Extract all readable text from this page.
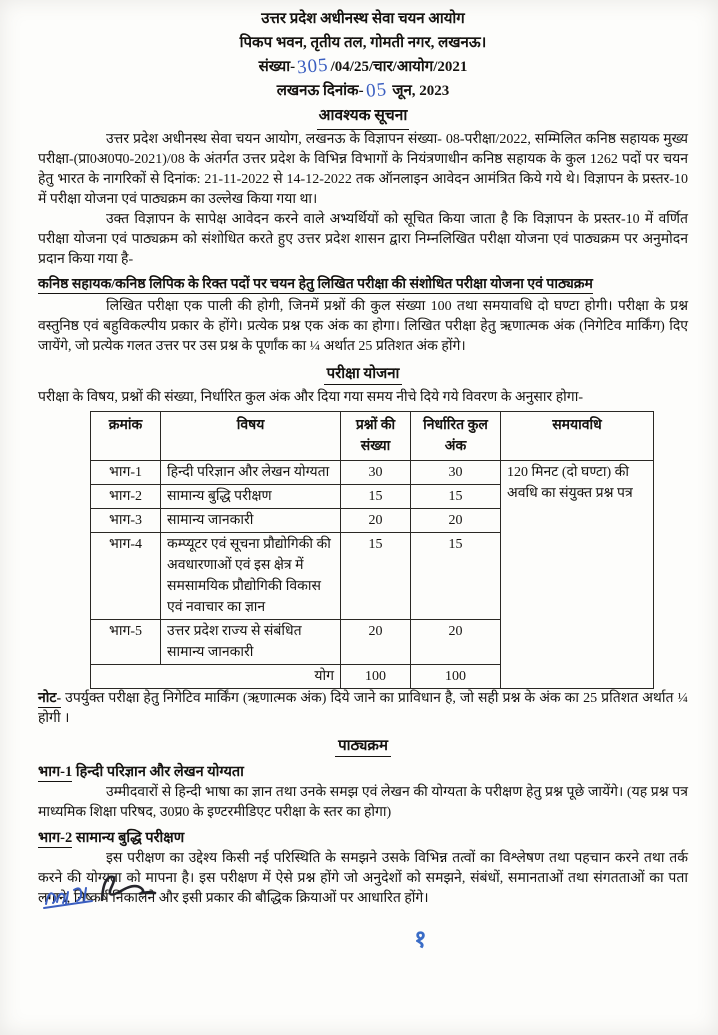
उत्तर प्रदेश अधीनस्थ सेवा चयन आयोग
पिकप भवन, तृतीय तल, गोमती नगर, लखनऊ।
संख्या-305/04/25/चार/आयोग/2021
लखनऊ दिनांक-05 जून, 2023
आवश्यक सूचना

उत्तर प्रदेश अधीनस्थ सेवा चयन आयोग, लखनऊ के विज्ञापन संख्या- 08-परीक्षा/2022, सम्मिलित कनिष्ठ सहायक मुख्य परीक्षा-(प्रा0अ0प0-2021)/08 के अंतर्गत उत्तर प्रदेश के विभिन्न विभागों के नियंत्रणाधीन कनिष्ठ सहायक के कुल 1262 पदों पर चयन हेतु भारत के नागरिकों से दिनांक: 21-11-2022 से 14-12-2022 तक ऑनलाइन आवेदन आमंत्रित किये गये थे। विज्ञापन के प्रस्तर-10 में परीक्षा योजना एवं पाठ्यक्रम का उल्लेख किया गया था।

उक्त विज्ञापन के सापेक्ष आवेदन करने वाले अभ्यर्थियों को सूचित किया जाता है कि विज्ञापन के प्रस्तर-10 में वर्णित परीक्षा योजना एवं पाठ्यक्रम को संशोधित करते हुए उत्तर प्रदेश शासन द्वारा निम्नलिखित परीक्षा योजना एवं पाठ्यक्रम पर अनुमोदन प्रदान किया गया है-

कनिष्ठ सहायक/कनिष्ठ लिपिक के रिक्त पदों पर चयन हेतु लिखित परीक्षा की संशोधित परीक्षा योजना एवं पाठ्यक्रम

लिखित परीक्षा एक पाली की होगी, जिनमें प्रश्नों की कुल संख्या 100 तथा समयावधि दो घण्टा होगी। परीक्षा के प्रश्न वस्तुनिष्ठ एवं बहुविकल्पीय प्रकार के होंगे। प्रत्येक प्रश्न एक अंक का होगा। लिखित परीक्षा हेतु ऋणात्मक अंक (निगेटिव मार्किंग) दिए जायेंगे, जो प्रत्येक गलत उत्तर पर उस प्रश्न के पूर्णांक का ¼ अर्थात 25 प्रतिशत अंक होंगे।

परीक्षा योजना

परीक्षा के विषय, प्रश्नों की संख्या, निर्धारित कुल अंक और दिया गया समय नीचे दिये गये विवरण के अनुसार होगा-

क्रमांक	विषय	प्रश्नों की संख्या	निर्धारित कुल अंक	समयावधि
भाग-1	हिन्दी परिज्ञान और लेखन योग्यता	30	30	120 मिनट (दो घण्टा) की अवधि का संयुक्त प्रश्न पत्र
भाग-2	सामान्य बुद्धि परीक्षण	15	15	
भाग-3	सामान्य जानकारी	20	20	
भाग-4	कम्प्यूटर एवं सूचना प्रौद्योगिकी की अवधारणाओं एवं इस क्षेत्र में समसामयिक प्रौद्योगिकी विकास एवं नवाचार का ज्ञान	15	15	
भाग-5	उत्तर प्रदेश राज्य से संबंधित सामान्य जानकारी	20	20	
योग		100	100	

नोट- उपर्युक्त परीक्षा हेतु निगेटिव मार्किंग (ऋणात्मक अंक) दिये जाने का प्राविधान है, जो सही प्रश्न के अंक का 25 प्रतिशत अर्थात ¼ होगी ।

पाठ्यक्रम
भाग-1 हिन्दी परिज्ञान और लेखन योग्यता

उम्मीदवारों से हिन्दी भाषा का ज्ञान तथा उनके समझ एवं लेखन की योग्यता के परीक्षण हेतु प्रश्न पूछे जायेंगे। (यह प्रश्न पत्र माध्यमिक शिक्षा परिषद, उ0प्र0 के इण्टरमीडिएट परीक्षा के स्तर का होगा)

भाग-2 सामान्य बुद्धि परीक्षण

इस परीक्षण का उद्देश्य किसी नई परिस्थिति के समझने उसके विभिन्न तत्वों का विश्लेषण तथा पहचान करने तथा तर्क करने की योग्यता को मापना है। इस परीक्षण में ऐसे प्रश्न होंगे जो अनुदेशों को समझने, संबंधों, समानताओं तथा संगतताओं का पता लगाने, निष्कर्ष निकालने और इसी प्रकार की बौद्धिक क्रियाओं पर आधारित होंगे।

१
